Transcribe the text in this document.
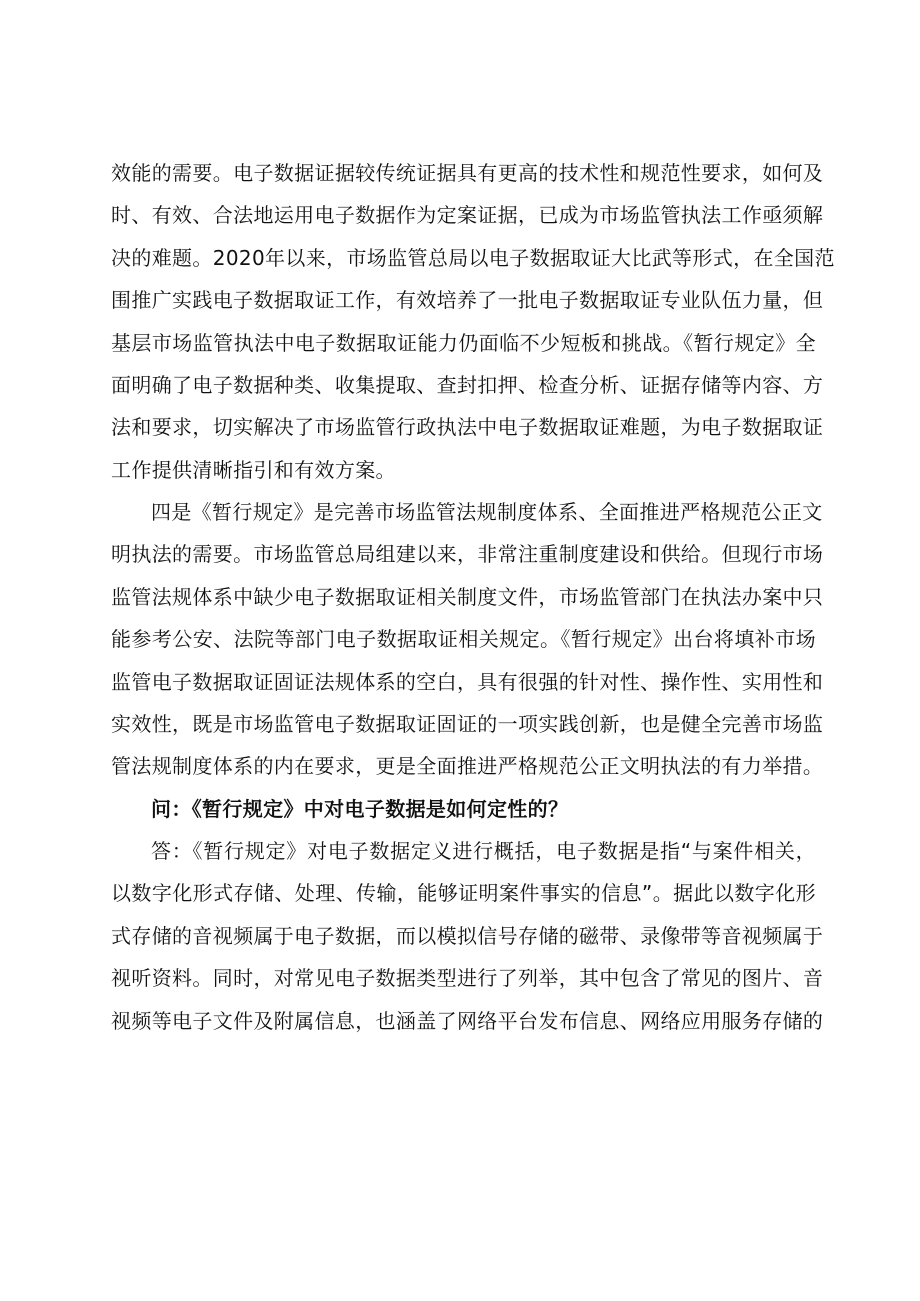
效能的需要。电子数据证据较传统证据具有更高的技术性和规范性要求，如何及
时、有效、合法地运用电子数据作为定案证据，已成为市场监管执法工作亟须解
决的难题。2020年以来，市场监管总局以电子数据取证大比武等形式，在全国范
围推广实践电子数据取证工作，有效培养了一批电子数据取证专业队伍力量，但
基层市场监管执法中电子数据取证能力仍面临不少短板和挑战。《暂行规定》全
面明确了电子数据种类、收集提取、查封扣押、检查分析、证据存储等内容、方
法和要求，切实解决了市场监管行政执法中电子数据取证难题，为电子数据取证
工作提供清晰指引和有效方案。
四是《暂行规定》是完善市场监管法规制度体系、全面推进严格规范公正文
明执法的需要。市场监管总局组建以来，非常注重制度建设和供给。但现行市场
监管法规体系中缺少电子数据取证相关制度文件，市场监管部门在执法办案中只
能参考公安、法院等部门电子数据取证相关规定。《暂行规定》出台将填补市场
监管电子数据取证固证法规体系的空白，具有很强的针对性、操作性、实用性和
实效性，既是市场监管电子数据取证固证的一项实践创新，也是健全完善市场监
管法规制度体系的内在要求，更是全面推进严格规范公正文明执法的有力举措。
问：《暂行规定》中对电子数据是如何定性的？
答：《暂行规定》对电子数据定义进行概括，电子数据是指“与案件相关，
以数字化形式存储、处理、传输，能够证明案件事实的信息”。据此以数字化形
式存储的音视频属于电子数据，而以模拟信号存储的磁带、录像带等音视频属于
视听资料。同时，对常见电子数据类型进行了列举，其中包含了常见的图片、音
视频等电子文件及附属信息，也涵盖了网络平台发布信息、网络应用服务存储的
